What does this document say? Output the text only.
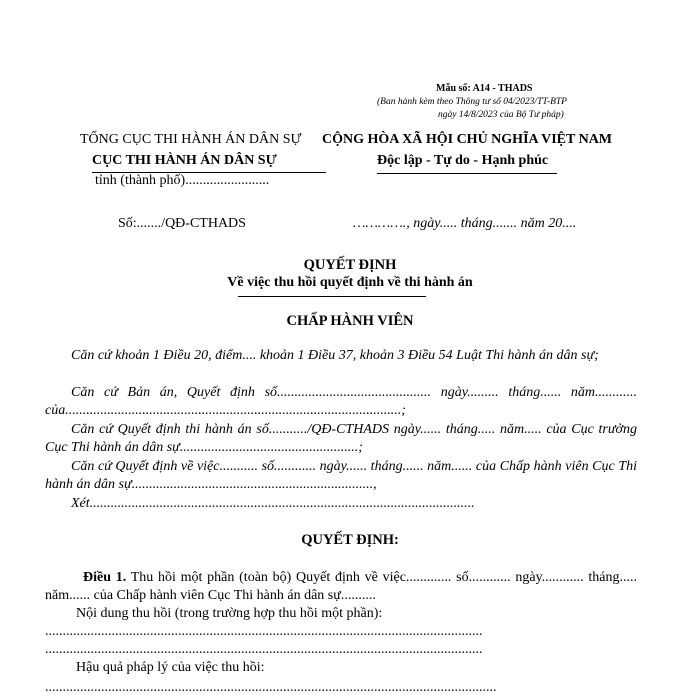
Mẫu số: A14 - THADS
(Ban hành kèm theo Thông tư số 04/2023/TT-BTP
ngày 14/8/2023 của Bộ Tư pháp)
TỔNG CỤC THI HÀNH ÁN DÂN SỰ
CỤC THI HÀNH ÁN DÂN SỰ
tỉnh (thành phố)........................
CỘNG HÒA XÃ HỘI CHỦ NGHĨA VIỆT NAM
Độc lập - Tự do - Hạnh phúc
Số:......./QĐ-CTHADS	…………., ngày..... tháng....... năm 20....
QUYẾT ĐỊNH
Về việc thu hồi quyết định về thi hành án
CHẤP HÀNH VIÊN
Căn cứ khoản 1 Điều 20, điểm.... khoản 1 Điều 37, khoản 3 Điều 54 Luật Thi hành án dân sự;
Căn cứ Bản án, Quyết định số............................................ ngày......... tháng...... năm............ của................................................................................................;
Căn cứ Quyết định thi hành án số.........../QĐ-CTHADS ngày...... tháng..... năm..... của Cục trưởng Cục Thi hành án dân sự...................................................;
Căn cứ Quyết định về việc........... số............ ngày...... tháng...... năm...... của Chấp hành viên Cục Thi hành án dân sự.....................................................................,
Xét..............................................................................................................
QUYẾT ĐỊNH:
Điều 1. Thu hồi một phần (toàn bộ) Quyết định về việc............. số............ ngày............ tháng..... năm...... của Chấp hành viên Cục Thi hành án dân sự..........
Nội dung thu hồi (trong trường hợp thu hồi một phần):
.............................................................................................................................
.............................................................................................................................
Hậu quả pháp lý của việc thu hồi:
.................................................................................................................................
